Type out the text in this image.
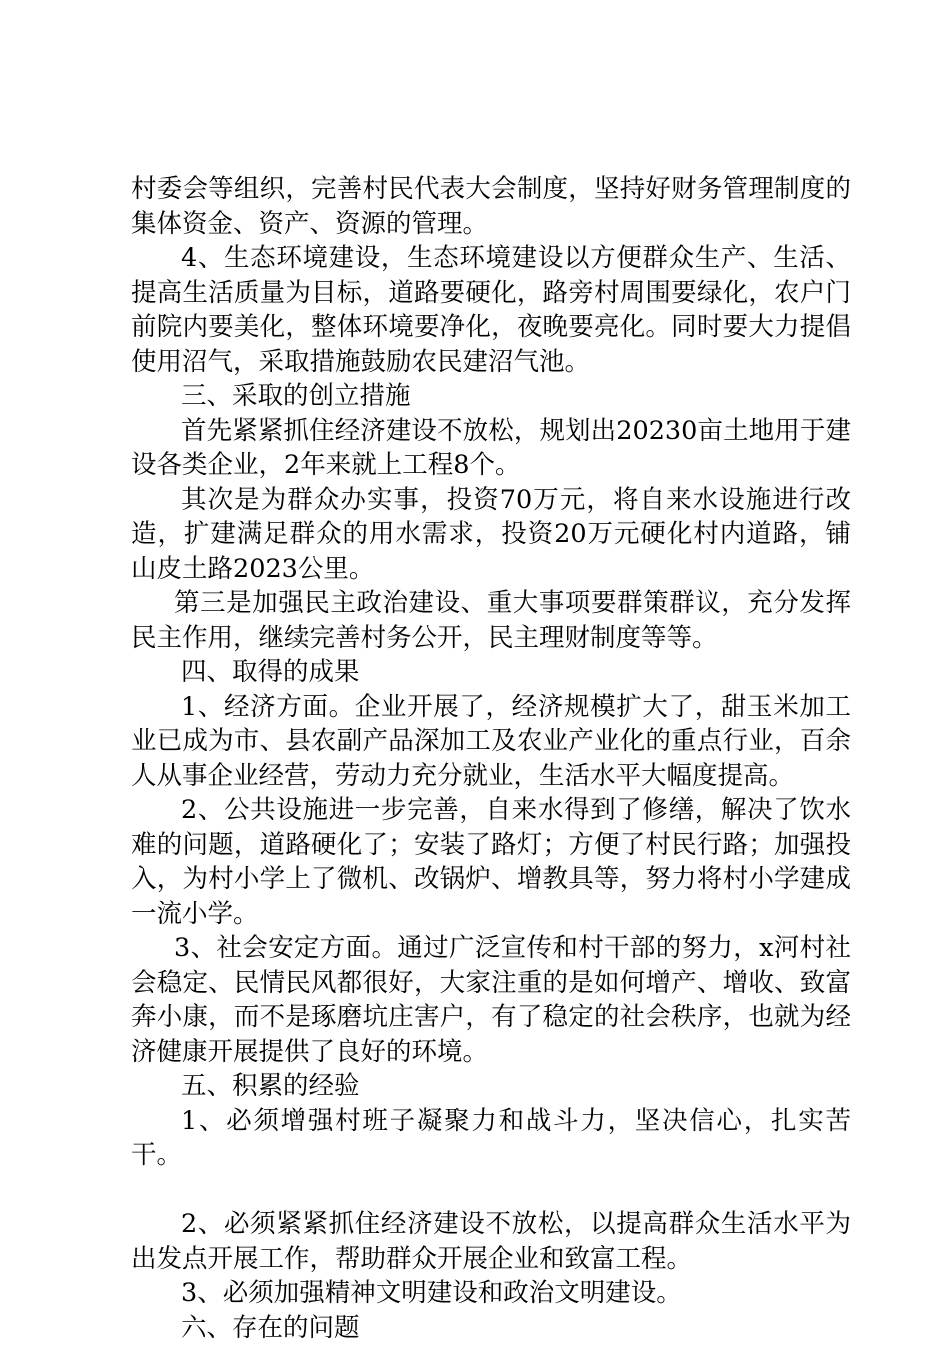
村委会等组织，完善村民代表大会制度，坚持好财务管理制度的集体资金、资产、资源的管理。

4、生态环境建设，生态环境建设以方便群众生产、生活、提高生活质量为目标，道路要硬化，路旁村周围要绿化，农户门前院内要美化，整体环境要净化，夜晚要亮化。同时要大力提倡使用沼气，采取措施鼓励农民建沼气池。

三、采取的创立措施

首先紧紧抓住经济建设不放松，规划出20230亩土地用于建设各类企业，2年来就上工程8个。

其次是为群众办实事，投资70万元，将自来水设施进行改造，扩建满足群众的用水需求，投资20万元硬化村内道路，铺山皮土路2023公里。

第三是加强民主政治建设、重大事项要群策群议，充分发挥民主作用，继续完善村务公开，民主理财制度等等。

四、取得的成果

1、经济方面。企业开展了，经济规模扩大了，甜玉米加工业已成为市、县农副产品深加工及农业产业化的重点行业，百余人从事企业经营，劳动力充分就业，生活水平大幅度提高。

2、公共设施进一步完善，自来水得到了修缮，解决了饮水难的问题，道路硬化了；安装了路灯；方便了村民行路；加强投入，为村小学上了微机、改锅炉、增教具等，努力将村小学建成一流小学。

3、社会安定方面。通过广泛宣传和村干部的努力，x河村社会稳定、民情民风都很好，大家注重的是如何增产、增收、致富奔小康，而不是琢磨坑庄害户，有了稳定的社会秩序，也就为经济健康开展提供了良好的环境。

五、积累的经验

1、必须增强村班子凝聚力和战斗力，坚决信心，扎实苦干。

2、必须紧紧抓住经济建设不放松，以提高群众生活水平为出发点开展工作，帮助群众开展企业和致富工程。

3、必须加强精神文明建设和政治文明建设。

六、存在的问题
